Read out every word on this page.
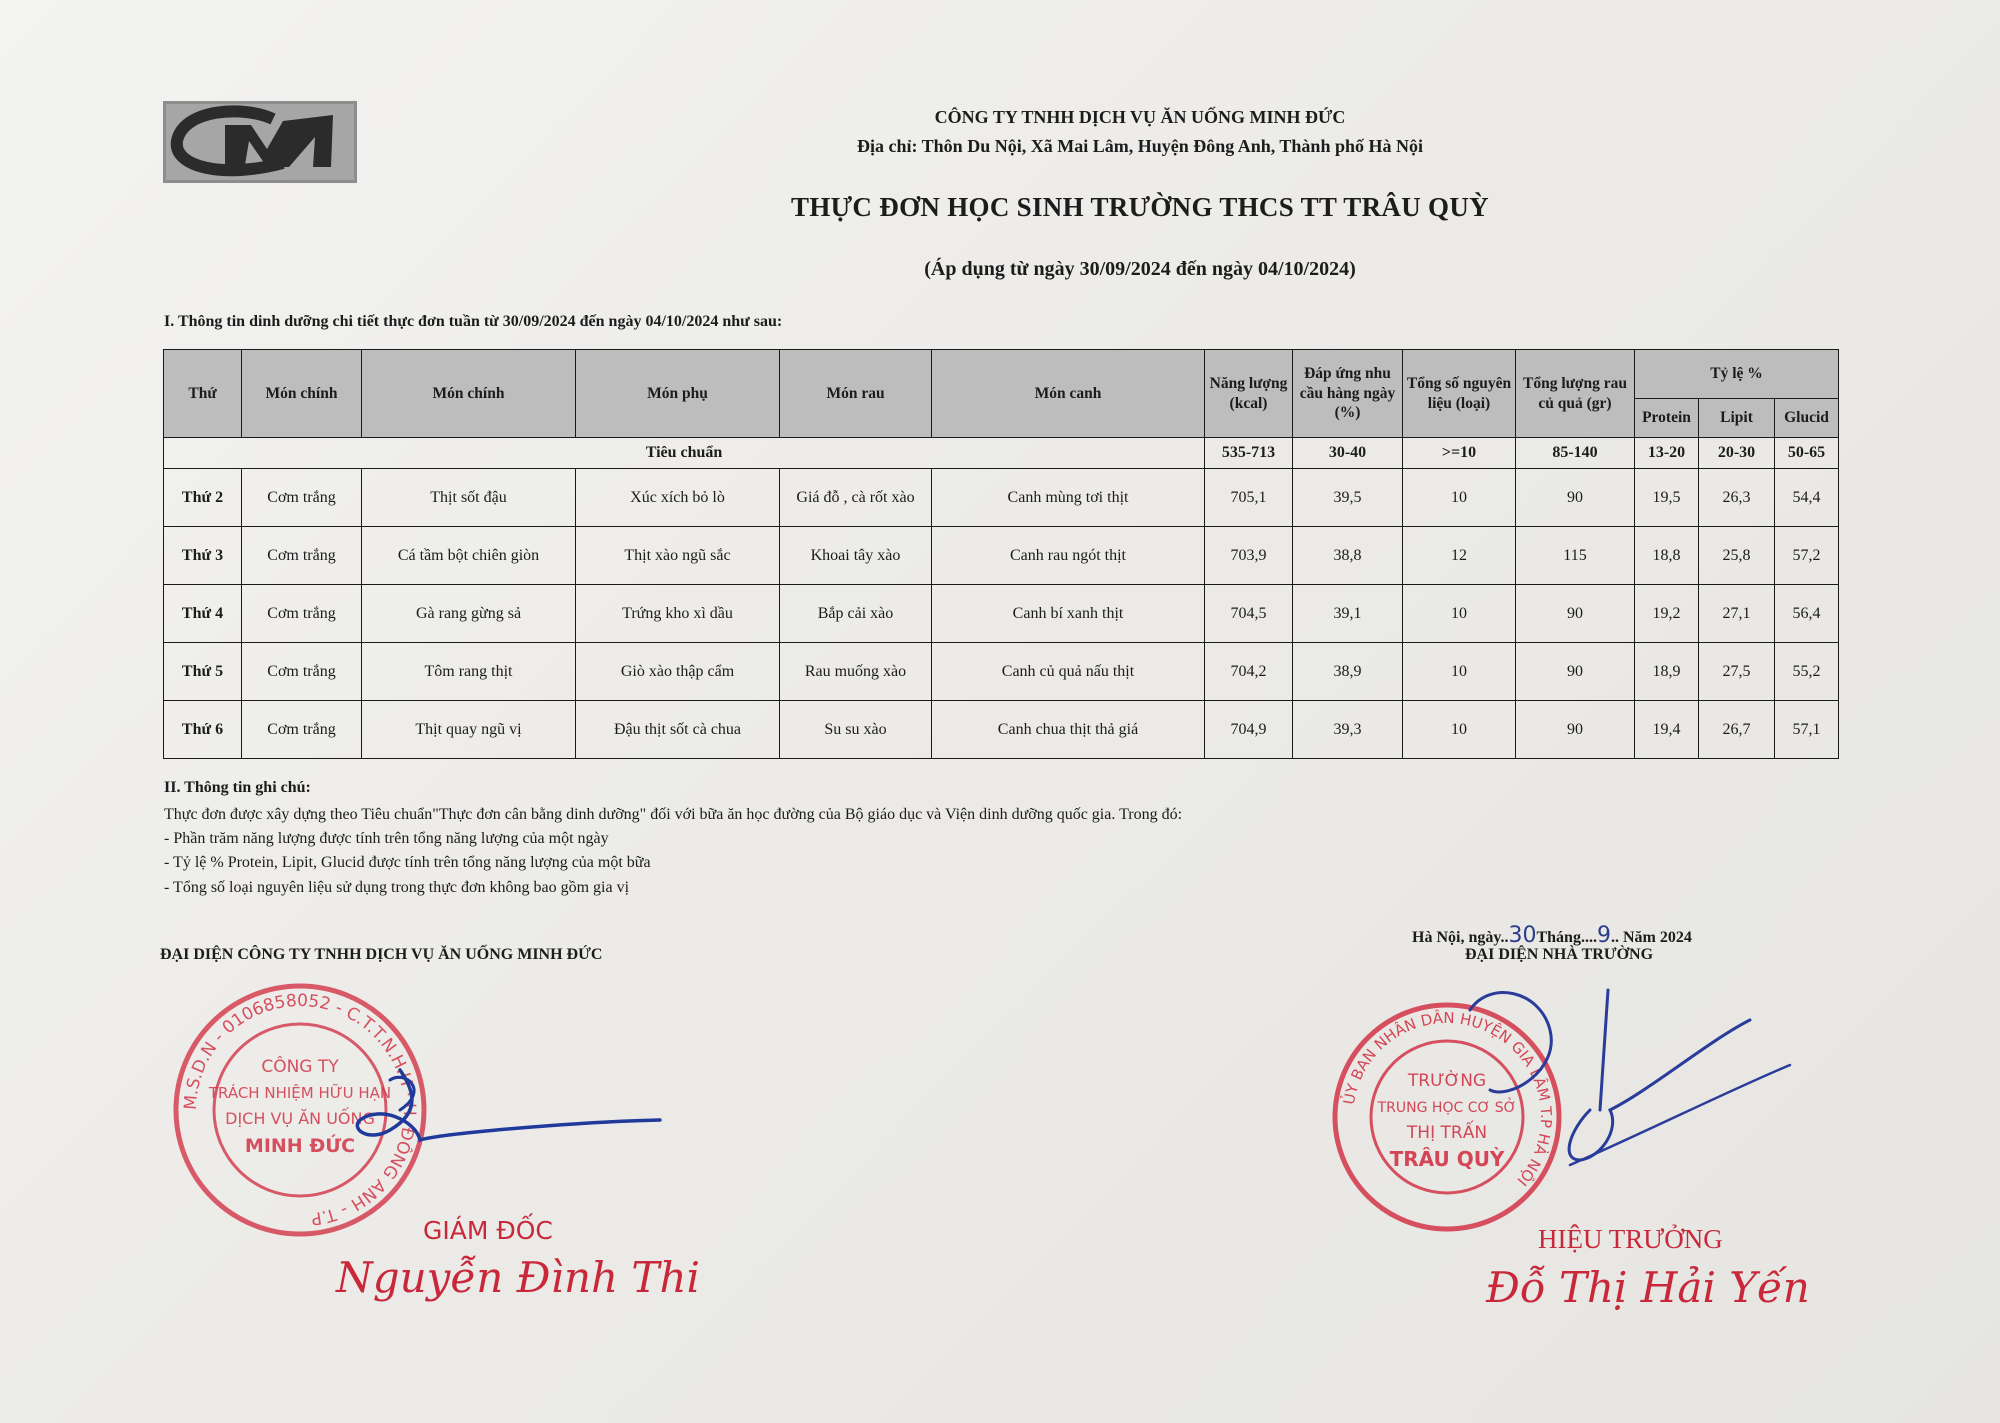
CÔNG TY TNHH DỊCH VỤ ĂN UỐNG MINH ĐỨC
Địa chỉ: Thôn Du Nội, Xã Mai Lâm, Huyện Đông Anh, Thành phố Hà Nội
THỰC ĐƠN HỌC SINH TRƯỜNG THCS TT TRÂU QUỲ
(Áp dụng từ ngày 30/09/2024 đến ngày 04/10/2024)
I. Thông tin dinh dưỡng chi tiết thực đơn tuần từ 30/09/2024 đến ngày 04/10/2024 như sau:
Thứ	Món chính	Món chính	Món phụ	Món rau	Món canh	Năng lượng (kcal)	Đáp ứng nhu cầu hàng ngày (%)	Tổng số nguyên liệu (loại)	Tổng lượng rau củ quả (gr)	Tỷ lệ %		
										Protein	Lipit	Glucid
Tiêu chuẩn						535-713	30-40	>=10	85-140	13-20	20-30	50-65
Thứ 2	Cơm trắng	Thịt sốt đậu	Xúc xích bỏ lò	Giá đỗ , cà rốt xào	Canh mùng tơi thịt	705,1	39,5	10	90	19,5	26,3	54,4
Thứ 3	Cơm trắng	Cá tầm bột chiên giòn	Thịt xào ngũ sắc	Khoai tây xào	Canh rau ngót thịt	703,9	38,8	12	115	18,8	25,8	57,2
Thứ 4	Cơm trắng	Gà rang gừng sả	Trứng kho xì dầu	Bắp cải xào	Canh bí xanh thịt	704,5	39,1	10	90	19,2	27,1	56,4
Thứ 5	Cơm trắng	Tôm rang thịt	Giò xào thập cẩm	Rau muống xào	Canh củ quả nấu thịt	704,2	38,9	10	90	18,9	27,5	55,2
Thứ 6	Cơm trắng	Thịt quay ngũ vị	Đậu thịt sốt cà chua	Su su xào	Canh chua thịt thả giá	704,9	39,3	10	90	19,4	26,7	57,1
II. Thông tin ghi chú:
Thực đơn được xây dựng theo Tiêu chuẩn"Thực đơn cân bằng dinh dưỡng" đối với bữa ăn học đường của Bộ giáo dục và Viện dinh dưỡng quốc gia. Trong đó:
- Phần trăm năng lượng được tính trên tổng năng lượng của một ngày
- Tỷ lệ % Protein, Lipit, Glucid được tính trên tổng năng lượng của một bữa
- Tổng số loại nguyên liệu sử dụng trong thực đơn không bao gồm gia vị
ĐẠI DIỆN CÔNG TY TNHH DỊCH VỤ ĂN UỐNG MINH ĐỨC
Hà Nội, ngày..30Tháng....9.. Năm 2024
ĐẠI DIỆN NHÀ TRƯỜNG
M.S.D.N - 0106858052 - C.T.T.N.H.H · H. ĐÔNG ANH - T.P
CÔNG TY
TRÁCH NHIỆM HỮU HẠN
DỊCH VỤ ĂN UỐNG
MINH ĐỨC
ỦY BAN NHÂN DÂN HUYỆN GIA LÂM T.P HÀ NỘI
TRƯỜNG
TRUNG HỌC CƠ SỞ
THỊ TRẤN
TRÂU QUỲ
GIÁM ĐỐC
Nguyễn Đình Thi
HIỆU TRƯỞNG
Đỗ Thị Hải Yến
